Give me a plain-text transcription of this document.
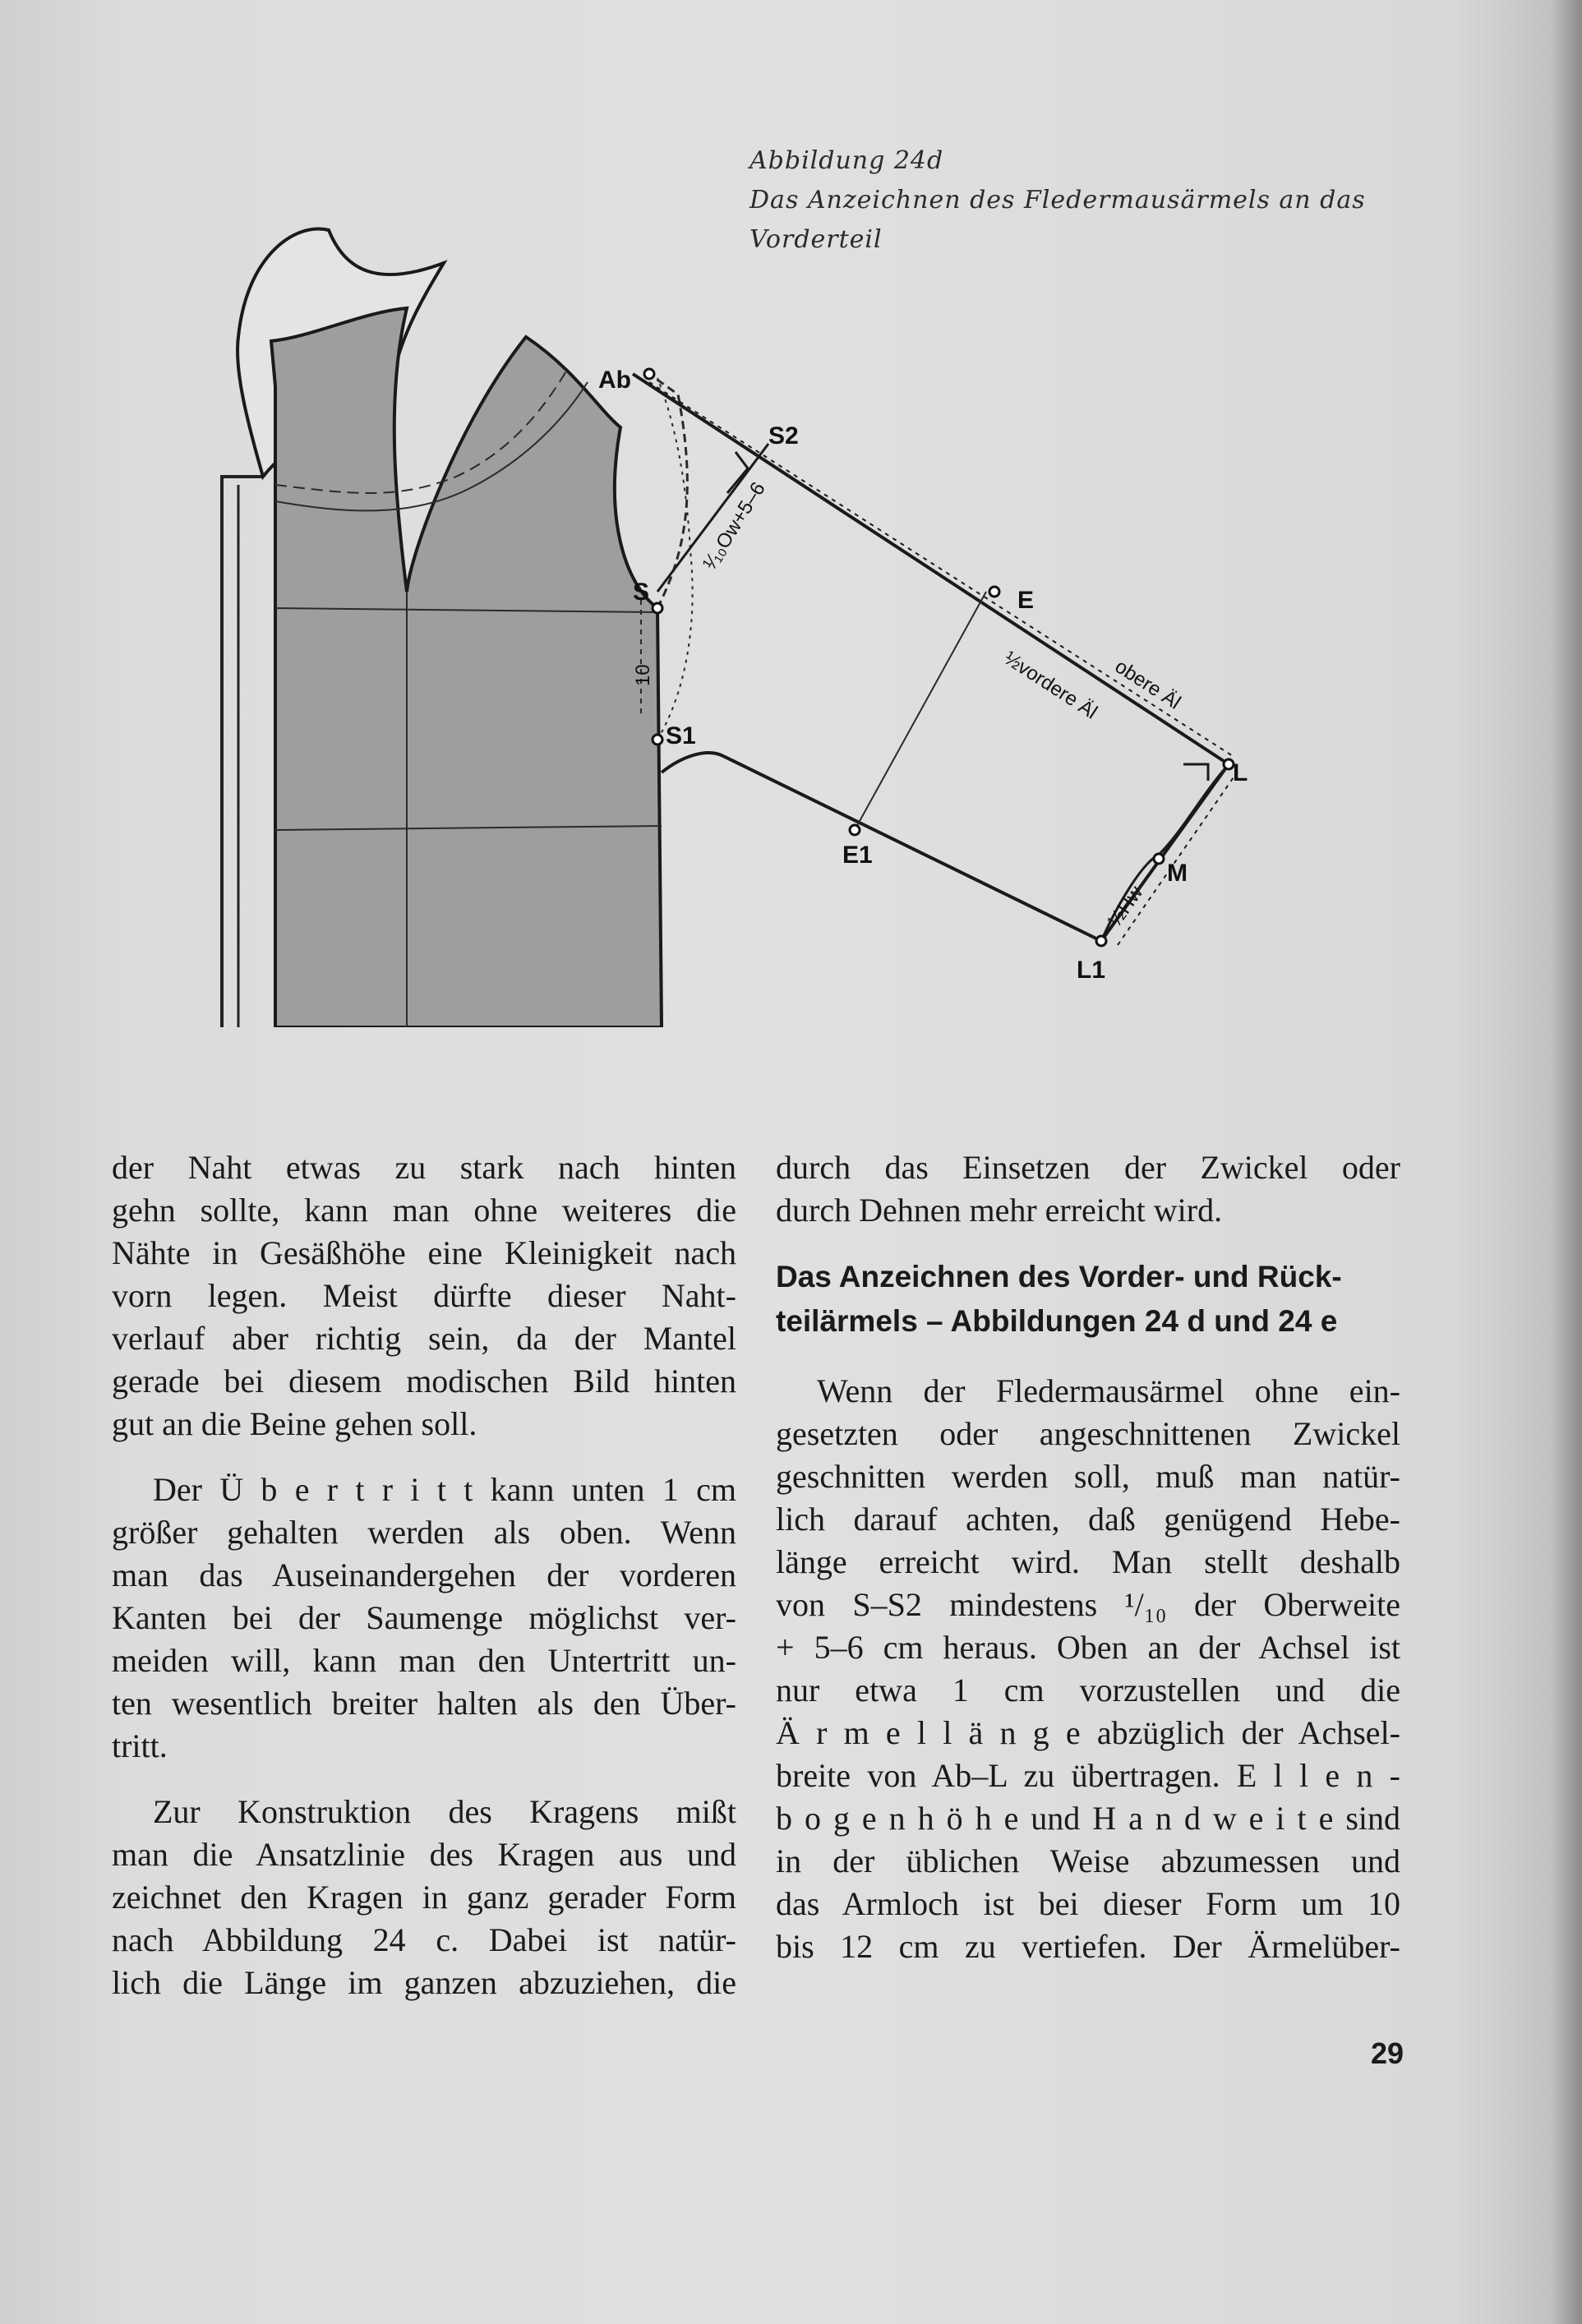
Abbildung 24d
Das Anzeichnen des Fledermausärmels an das
Vorderteil
Ab
S2
S
S1
E
E1
L
L1
M
¹⁄₁₀Ow+5–6
10	obere Äl
½vordere Äl
½Hw

der Naht etwas zu stark nach hinten
gehn sollte, kann man ohne weiteres die
Nähte in Gesäßhöhe eine Kleinigkeit nach
vorn legen. Meist dürfte dieser Naht-
verlauf aber richtig sein, da der Mantel
gerade bei diesem modischen Bild hinten
gut an die Beine gehen soll.

Der Ü b e r t r i t t kann unten 1 cm
größer gehalten werden als oben. Wenn
man das Auseinandergehen der vorderen
Kanten bei der Saumenge möglichst ver-
meiden will, kann man den Untertritt un-
ten wesentlich breiter halten als den Über-
tritt.

Zur Konstruktion des Kragens mißt
man die Ansatzlinie des Kragen aus und
zeichnet den Kragen in ganz gerader Form
nach Abbildung 24 c. Dabei ist natür-
lich die Länge im ganzen abzuziehen, die

durch das Einsetzen der Zwickel oder
durch Dehnen mehr erreicht wird.

Das Anzeichnen des Vorder- und Rück-
teilärmels – Abbildungen 24 d und 24 e

Wenn der Fledermausärmel ohne ein-
gesetzten oder angeschnittenen Zwickel
geschnitten werden soll, muß man natür-
lich darauf achten, daß genügend Hebe-
länge erreicht wird. Man stellt deshalb
von S–S2 mindestens ¹/₁₀ der Oberweite
+ 5–6 cm heraus. Oben an der Achsel ist
nur etwa 1 cm vorzustellen und die
Ä r m e l l ä n g e abzüglich der Achsel-
breite von Ab–L zu übertragen. E l l e n -
b o g e n h ö h e und H a n d w e i t e sind
in der üblichen Weise abzumessen und
das Armloch ist bei dieser Form um 10
bis 12 cm zu vertiefen. Der Ärmelüber-

29
